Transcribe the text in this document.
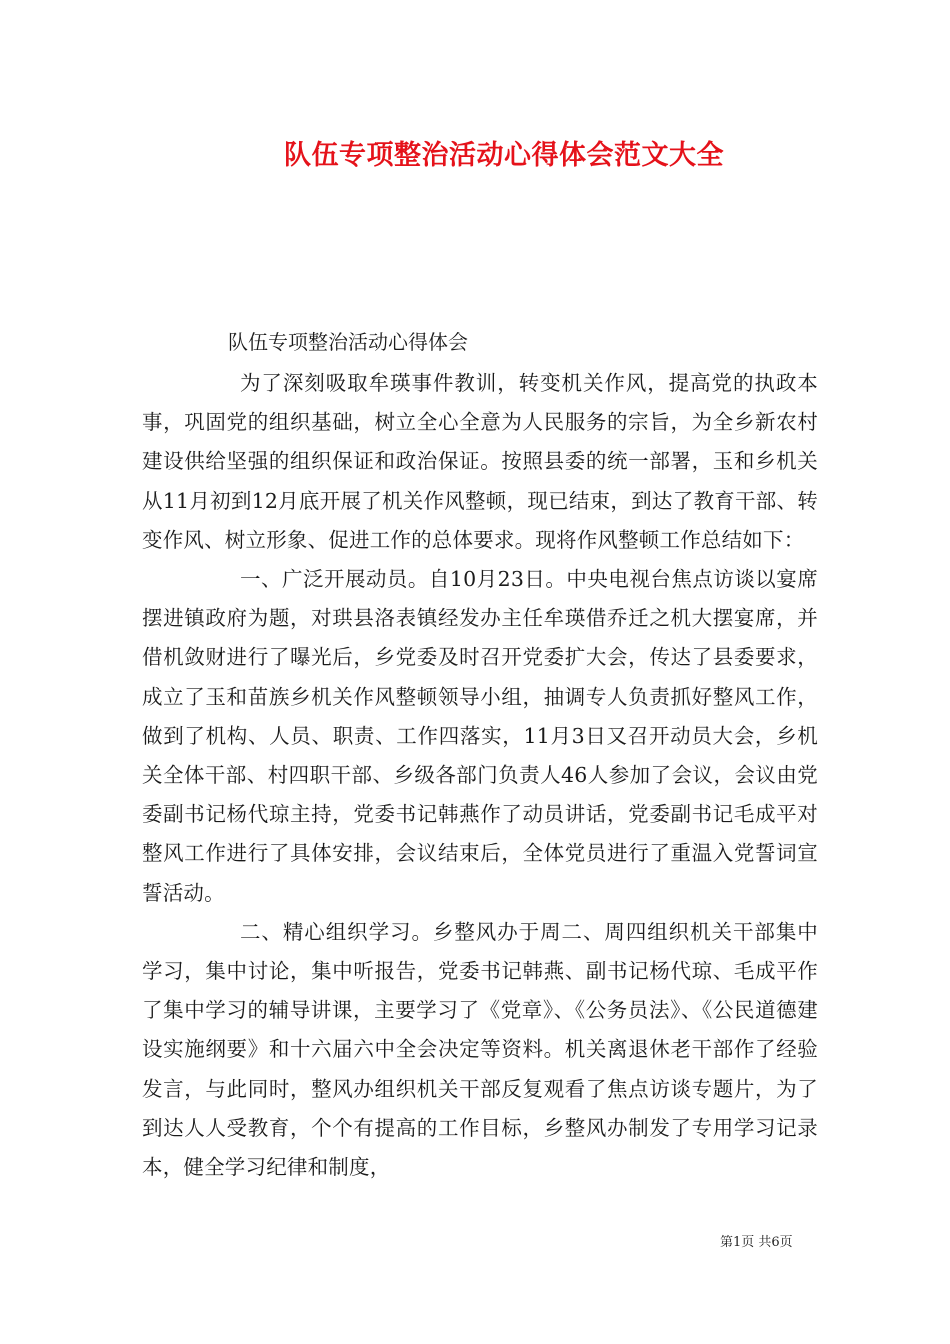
队伍专项整治活动心得体会范文大全
队伍专项整治活动心得体会

为了深刻吸取牟瑛事件教训，转变机关作风，提高党的执政本事，巩固党的组织基础，树立全心全意为人民服务的宗旨，为全乡新农村建设供给坚强的组织保证和政治保证。按照县委的统一部署，玉和乡机关从11月初到12月底开展了机关作风整顿，现已结束，到达了教育干部、转变作风、树立形象、促进工作的总体要求。现将作风整顿工作总结如下：

一、广泛开展动员。自10月23日。中央电视台焦点访谈以宴席摆进镇政府为题，对珙县洛表镇经发办主任牟瑛借乔迁之机大摆宴席，并借机敛财进行了曝光后，乡党委及时召开党委扩大会，传达了县委要求，成立了玉和苗族乡机关作风整顿领导小组，抽调专人负责抓好整风工作，做到了机构、人员、职责、工作四落实，11月3日又召开动员大会，乡机关全体干部、村四职干部、乡级各部门负责人46人参加了会议，会议由党委副书记杨代琼主持，党委书记韩燕作了动员讲话，党委副书记毛成平对整风工作进行了具体安排，会议结束后，全体党员进行了重温入党誓词宣誓活动。

二、精心组织学习。乡整风办于周二、周四组织机关干部集中学习，集中讨论，集中听报告，党委书记韩燕、副书记杨代琼、毛成平作了集中学习的辅导讲课，主要学习了《党章》、《公务员法》、《公民道德建设实施纲要》和十六届六中全会决定等资料。机关离退休老干部作了经验发言，与此同时，整风办组织机关干部反复观看了焦点访谈专题片，为了到达人人受教育，个个有提高的工作目标，乡整风办制发了专用学习记录本，健全学习纪律和制度，

第1页 共6页
